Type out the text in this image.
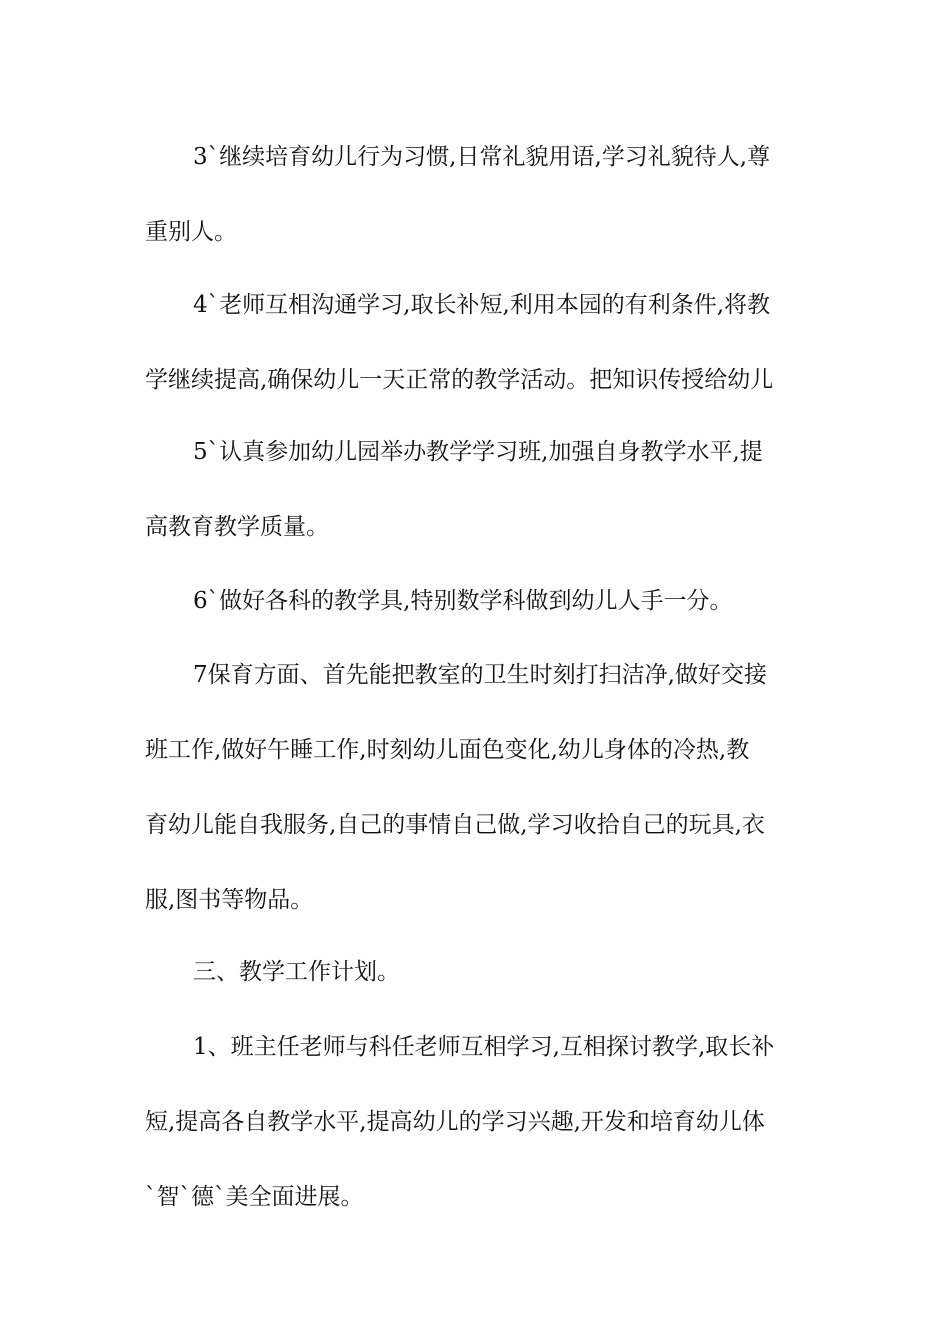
3`继续培育幼儿行为习惯,日常礼貌用语,学习礼貌待人,尊
重别人。
4`老师互相沟通学习,取长补短,利用本园的有利条件,将教
学继续提高,确保幼儿一天正常的教学活动。把知识传授给幼儿
5`认真参加幼儿园举办教学学习班,加强自身教学水平,提
高教育教学质量。
6`做好各科的教学具,特别数学科做到幼儿人手一分。
7保育方面、首先能把教室的卫生时刻打扫洁净,做好交接
班工作,做好午睡工作,时刻幼儿面色变化,幼儿身体的冷热,教
育幼儿能自我服务,自己的事情自己做,学习收拾自己的玩具,衣
服,图书等物品。
三、教学工作计划。
1、班主任老师与科任老师互相学习,互相探讨教学,取长补
短,提高各自教学水平,提高幼儿的学习兴趣,开发和培育幼儿体
`智`德`美全面进展。
